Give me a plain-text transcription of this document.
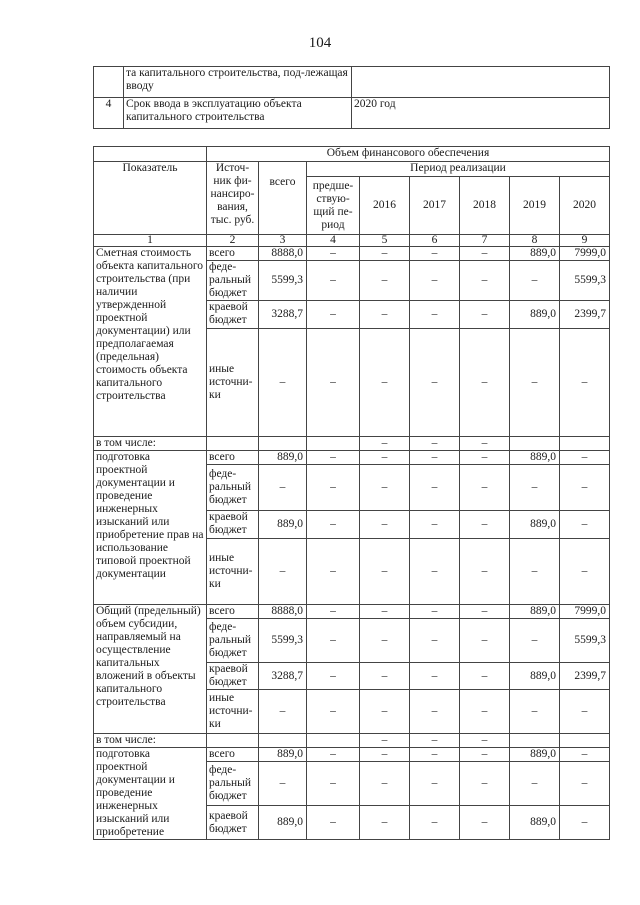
104
	та капитального строительства, под-лежащая вводу	
4	Срок ввода в эксплуатацию объекта капитального строительства	2020 год
	Объем финансового обеспечения							
Показатель	Источ-ник фи-нансиро-вания, тыс. руб.	всего	Период реализации					
			предше-ствую-щий пе-риод	2016	2017	2018	2019	2020
1	2	3	4	5	6	7	8	9
Сметная стоимость объекта капитального строительства (при наличии утвержденной проектной документации) или предполагаемая (предельная) стоимость объекта капитального строительства	всего	8888,0	–	–	–	–	889,0	7999,0
	феде-ральный бюджет	5599,3	–	–	–	–	–	5599,3
	краевой бюджет	3288,7	–	–	–	–	889,0	2399,7
	иные источни-ки	–	–	–	–	–	–	–
в том числе:				–	–	–		
подготовка проектной документации и проведение инженерных изысканий или приобретение прав на использование типовой проектной документации	всего	889,0	–	–	–	–	889,0	–
	феде-ральный бюджет	–	–	–	–	–	–	–
	краевой бюджет	889,0	–	–	–	–	889,0	–
	иные источни-ки	–	–	–	–	–	–	–
Общий (предельный) объем субсидии, направляемый на осуществление капитальных вложений в объекты капитального строительства	всего	8888,0	–	–	–	–	889,0	7999,0
	феде-ральный бюджет	5599,3	–	–	–	–	–	5599,3
	краевой бюджет	3288,7	–	–	–	–	889,0	2399,7
	иные источни-ки	–	–	–	–	–	–	–
в том числе:				–	–	–		
подготовка проектной документации и проведение инженерных изысканий или приобретение	всего	889,0	–	–	–	–	889,0	–
	феде-ральный бюджет	–	–	–	–	–	–	–
	краевой бюджет	889,0	–	–	–	–	889,0	–
